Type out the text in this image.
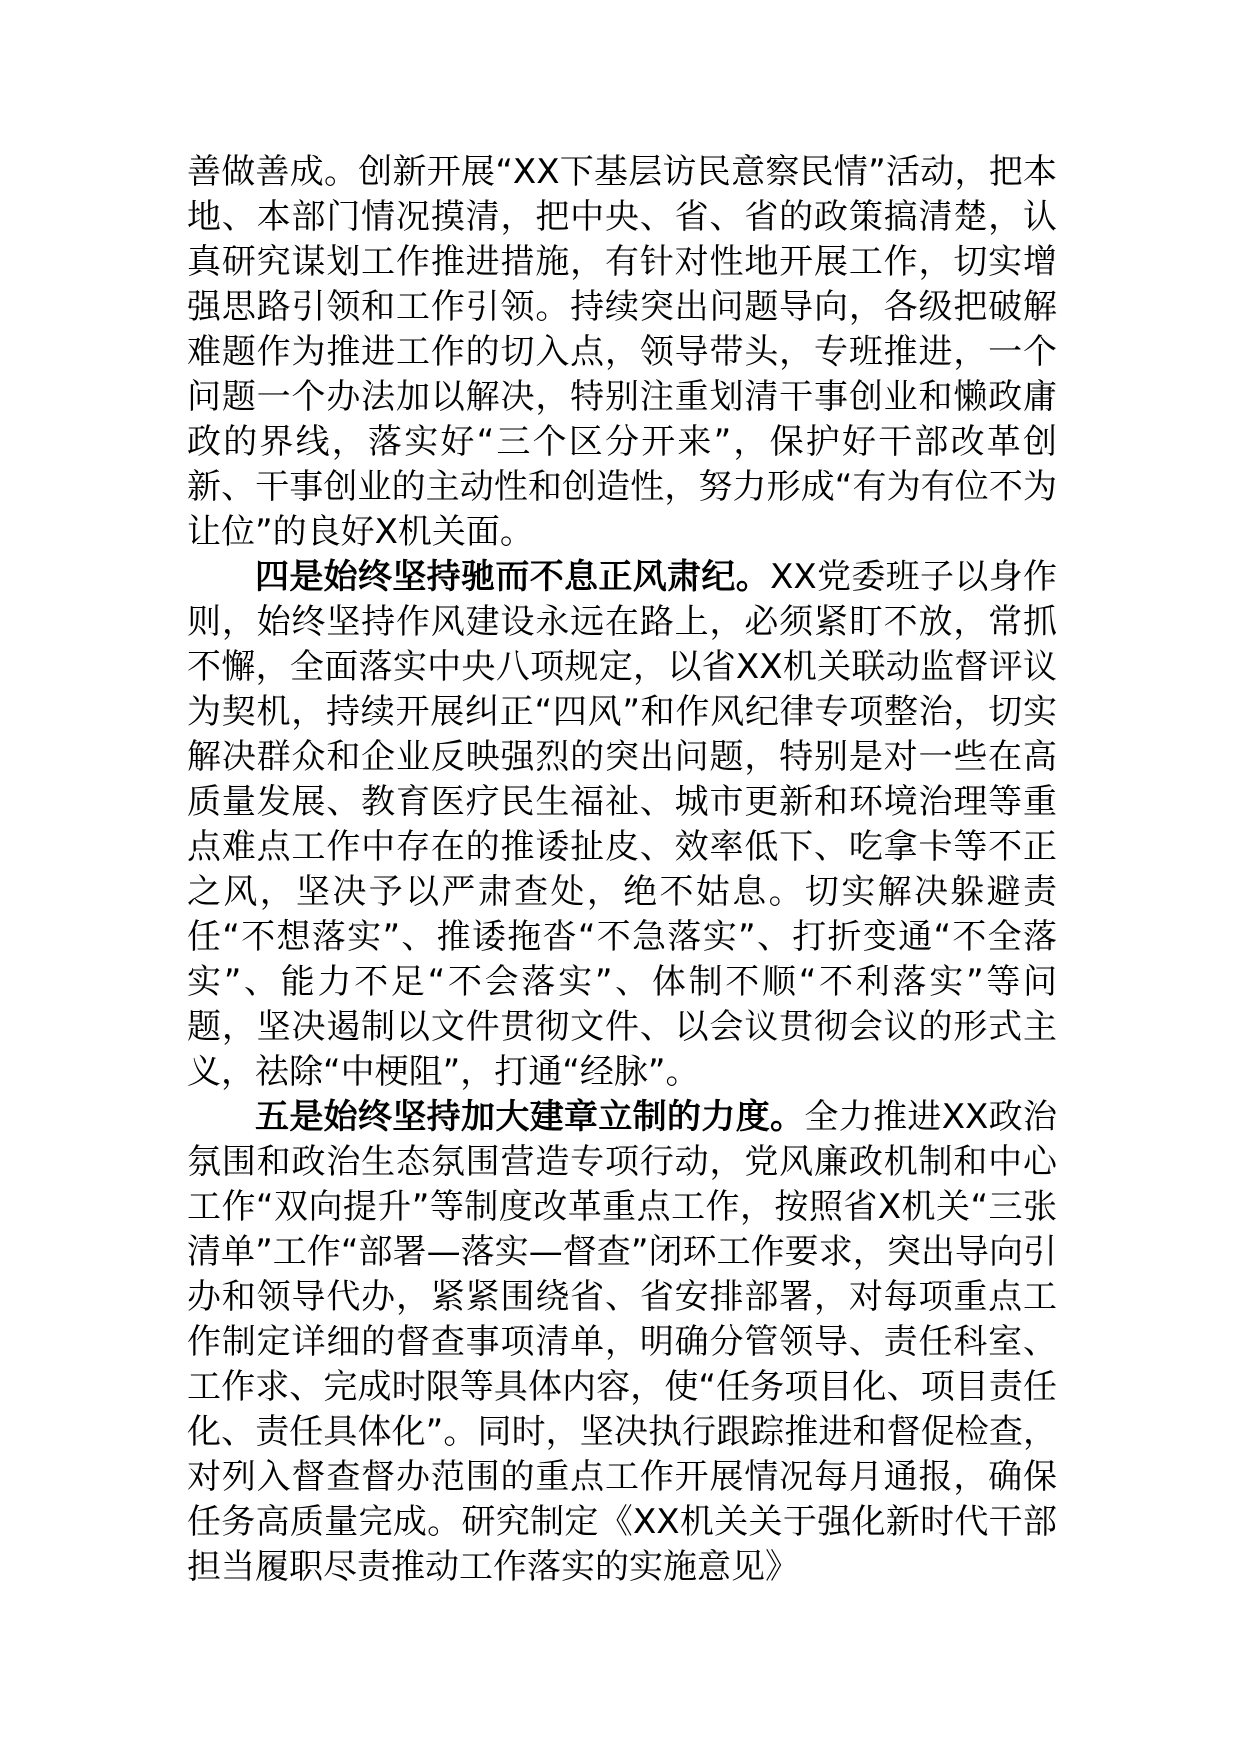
善做善成。创新开展“XX下基层访民意察民情”活动，把本地、本部门情况摸清，把中央、省、省的政策搞清楚，认真研究谋划工作推进措施，有针对性地开展工作，切实增强思路引领和工作引领。持续突出问题导向，各级把破解难题作为推进工作的切入点，领导带头，专班推进，一个问题一个办法加以解决，特别注重划清干事创业和懒政庸政的界线，落实好“三个区分开来”，保护好干部改革创新、干事创业的主动性和创造性，努力形成“有为有位不为让位”的良好X机关面。

四是始终坚持驰而不息正风肃纪。XX党委班子以身作则，始终坚持作风建设永远在路上，必须紧盯不放，常抓不懈，全面落实中央八项规定，以省XX机关联动监督评议为契机，持续开展纠正“四风”和作风纪律专项整治，切实解决群众和企业反映强烈的突出问题，特别是对一些在高质量发展、教育医疗民生福祉、城市更新和环境治理等重点难点工作中存在的推诿扯皮、效率低下、吃拿卡等不正之风，坚决予以严肃查处，绝不姑息。切实解决躲避责任“不想落实”、推诿拖沓“不急落实”、打折变通“不全落实”、能力不足“不会落实”、体制不顺“不利落实”等问题，坚决遏制以文件贯彻文件、以会议贯彻会议的形式主义，祛除“中梗阻”，打通“经脉”。

五是始终坚持加大建章立制的力度。全力推进XX政治氛围和政治生态氛围营造专项行动，党风廉政机制和中心工作“双向提升”等制度改革重点工作，按照省X机关“三张清单”工作“部署—落实—督查”闭环工作要求，突出导向引办和领导代办，紧紧围绕省、省安排部署，对每项重点工作制定详细的督查事项清单，明确分管领导、责任科室、工作求、完成时限等具体内容，使“任务项目化、项目责任化、责任具体化”。同时，坚决执行跟踪推进和督促检查，对列入督查督办范围的重点工作开展情况每月通报，确保任务高质量完成。研究制定《XX机关关于强化新时代干部担当履职尽责推动工作落实的实施意见》
